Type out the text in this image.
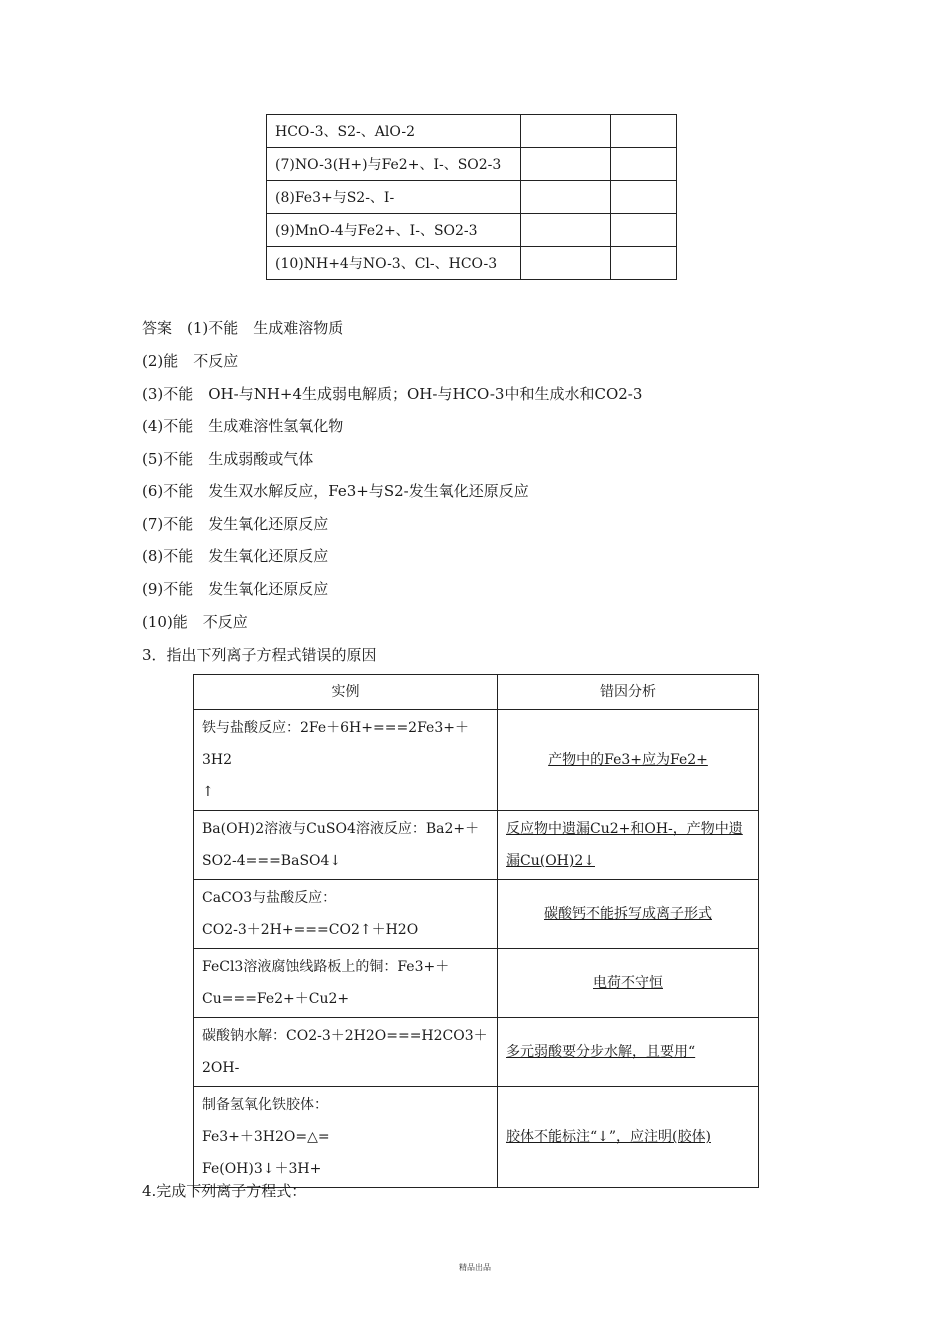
HCO-3、S2-、AlO-2		
(7)NO-3(H+)与Fe2+、I-、SO2-3		
(8)Fe3+与S2-、I-		
(9)MnO-4与Fe2+、I-、SO2-3		
(10)NH+4与NO-3、Cl-、HCO-3		
答案　(1)不能　生成难溶物质
(2)能　不反应
(3)不能　OH-与NH+4生成弱电解质；OH-与HCO-3中和生成水和CO2-3
(4)不能　生成难溶性氢氧化物
(5)不能　生成弱酸或气体
(6)不能　发生双水解反应，Fe3+与S2-发生氧化还原反应
(7)不能　发生氧化还原反应
(8)不能　发生氧化还原反应
(9)不能　发生氧化还原反应
(10)能　不反应
3．指出下列离子方程式错误的原因
实例	错因分析

铁与盐酸反应：2Fe＋6H+===2Fe3+＋3H2
↑	产物中的Fe3+应为Fe2+

Ba(OH)2溶液与CuSO4溶液反应：Ba2+＋
SO2-4===BaSO4↓	反应物中遗漏Cu2+和OH-，产物中遗漏Cu(OH)2↓

CaCO3与盐酸反应：
CO2-3＋2H+===CO2↑＋H2O	碳酸钙不能拆写成离子形式

FeCl3溶液腐蚀线路板上的铜：Fe3+＋
Cu===Fe2+＋Cu2+	电荷不守恒

碳酸钠水解：CO2-3＋2H2O===H2CO3＋2OH-	多元弱酸要分步水解，且要用“

制备氢氧化铁胶体：
Fe3+＋3H2O=△=
Fe(OH)3↓＋3H+	胶体不能标注“↓”，应注明(胶体)
4.完成下列离子方程式：
精品出品
